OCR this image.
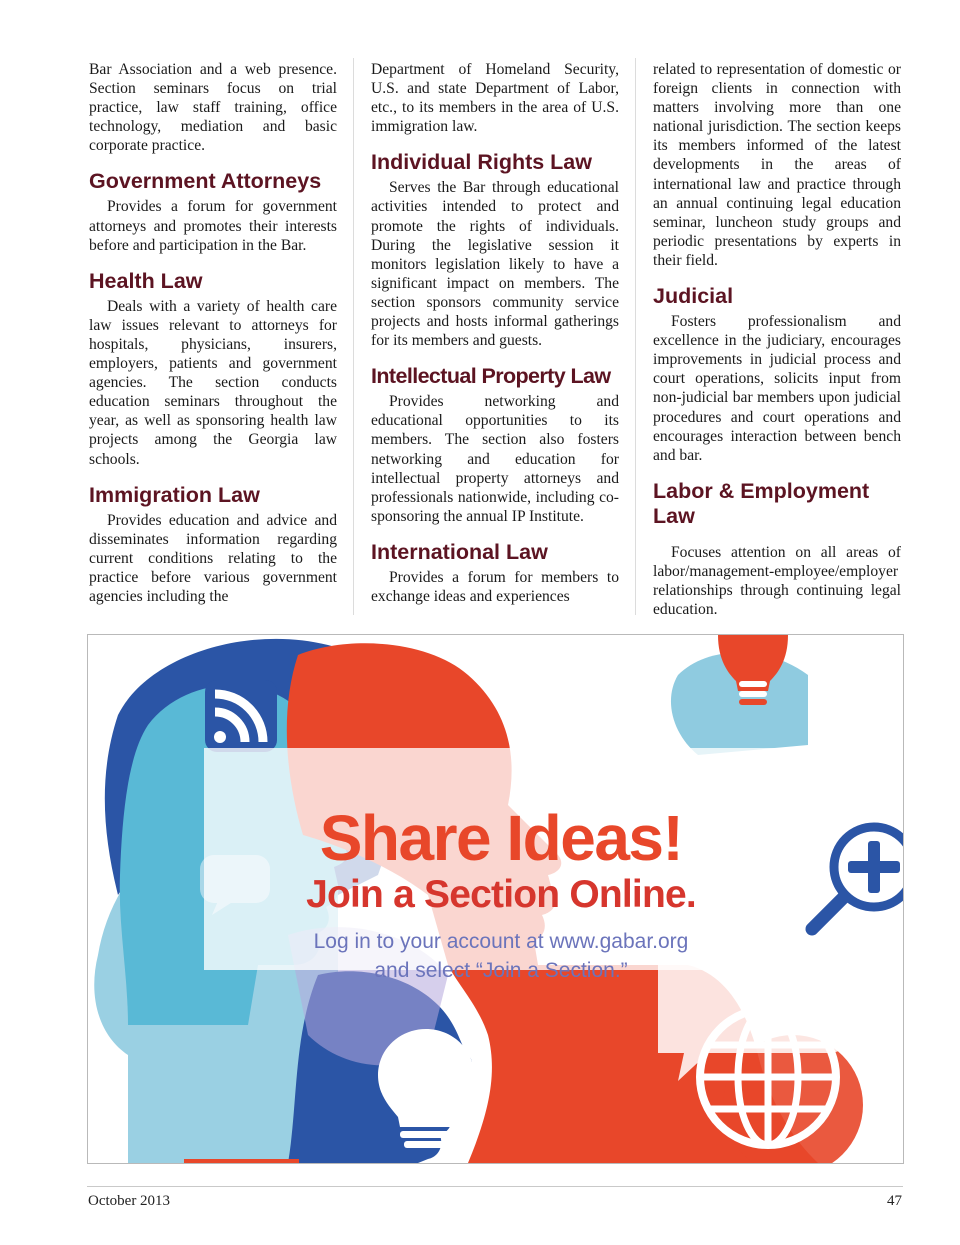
Bar Association and a web presence. Section seminars focus on trial practice, law staff training, office technology, mediation and basic corporate practice.

Government Attorneys

Provides a forum for government attorneys and promotes their interests before and participation in the Bar.

Health Law

Deals with a variety of health care law issues relevant to attorneys for hospitals, physicians, insurers, employers, patients and government agencies. The section conducts education seminars throughout the year, as well as sponsoring health law projects among the Georgia law schools.

Immigration Law

Provides education and advice and disseminates information regarding current conditions relating to the practice before various government agencies including the

Department of Homeland Security, U.S. and state Department of Labor, etc., to its members in the area of U.S. immigration law.

Individual Rights Law

Serves the Bar through educational activities intended to protect and promote the rights of individuals. During the legislative session it monitors legislation likely to have a significant impact on members. The section sponsors community service projects and hosts informal gatherings for its members and guests.

Intellectual Property Law

Provides networking and educational opportunities to its members. The section also fosters networking and education for intellectual property attorneys and professionals nationwide, including co-sponsoring the annual IP Institute.

International Law

Provides a forum for members to exchange ideas and experiences

related to representation of domestic or foreign clients in connection with matters involving more than one national jurisdiction. The section keeps its members informed of the latest developments in the areas of international law and practice through an annual continuing legal education seminar, luncheon study groups and periodic presentations by experts in their field.

Judicial

Fosters professionalism and excellence in the judiciary, encourages improvements in judicial process and court operations, solicits input from non-judicial bar members upon judicial procedures and court operations and encourages interaction between bench and bar.

Labor & Employment Law

Focuses attention on all areas of labor/management-employee/employer relationships through continuing legal education.

Share Ideas!
Join a Section Online.
Log in to your account at www.gabar.org
and select “Join a Section.”
October 2013	47
